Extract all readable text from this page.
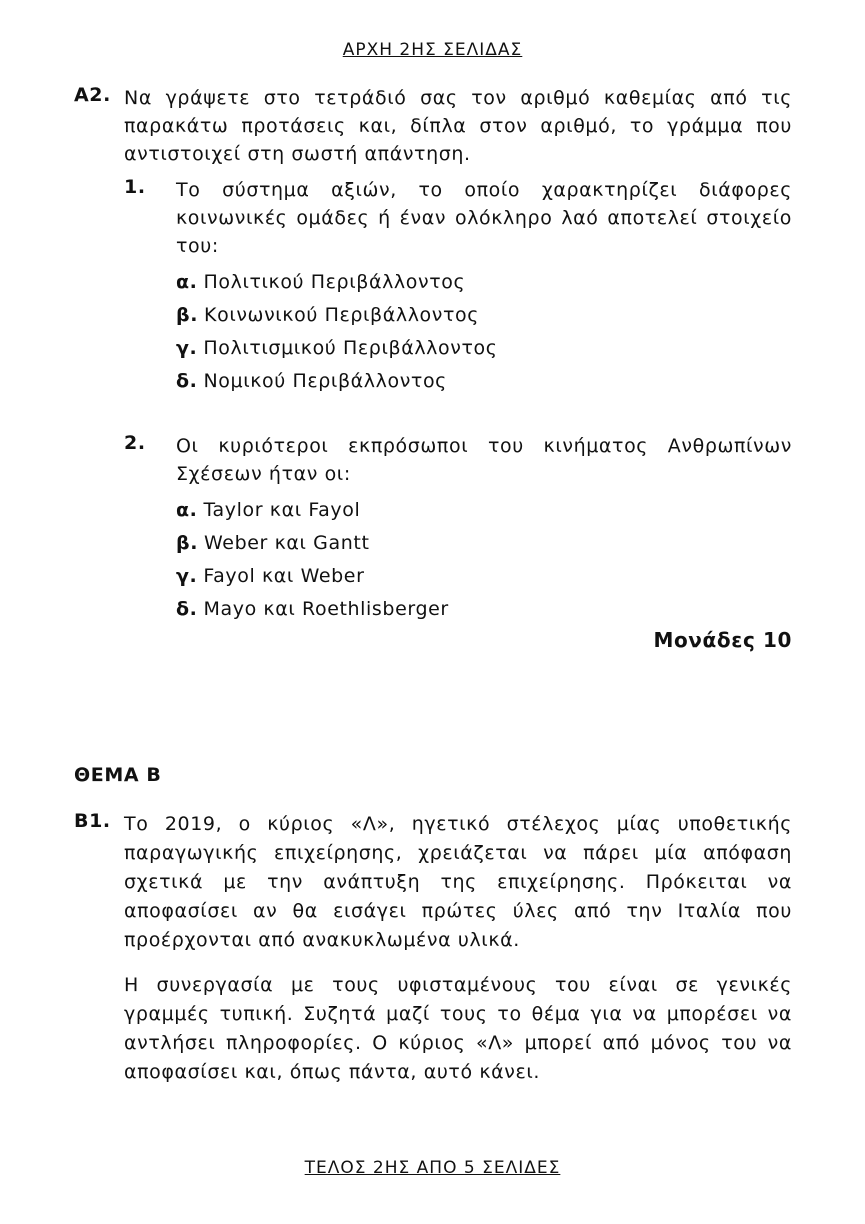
ΑΡΧΗ 2ΗΣ ΣΕΛΙΔΑΣ
Α2. Να γράψετε στο τετράδιό σας τον αριθμό καθεμίας από τις παρακάτω προτάσεις και, δίπλα στον αριθμό, το γράμμα που αντιστοιχεί στη σωστή απάντηση.
1. Το σύστημα αξιών, το οποίο χαρακτηρίζει διάφορες κοινωνικές ομάδες ή έναν ολόκληρο λαό αποτελεί στοιχείο του:
α. Πολιτικού Περιβάλλοντος
β. Κοινωνικού Περιβάλλοντος
γ. Πολιτισμικού Περιβάλλοντος
δ. Νομικού Περιβάλλοντος
2. Οι κυριότεροι εκπρόσωποι του κινήματος Ανθρωπίνων Σχέσεων ήταν οι:
α. Taylor και Fayol
β. Weber και Gantt
γ. Fayol και Weber
δ. Mayo και Roethlisberger
Μονάδες 10
ΘΕΜΑ Β
Β1. Το 2019, ο κύριος «Λ», ηγετικό στέλεχος μίας υποθετικής παραγωγικής επιχείρησης, χρειάζεται να πάρει μία απόφαση σχετικά με την ανάπτυξη της επιχείρησης. Πρόκειται να αποφασίσει αν θα εισάγει πρώτες ύλες από την Ιταλία που προέρχονται από ανακυκλωμένα υλικά.
Η συνεργασία με τους υφισταμένους του είναι σε γενικές γραμμές τυπική. Συζητά μαζί τους το θέμα για να μπορέσει να αντλήσει πληροφορίες. Ο κύριος «Λ» μπορεί από μόνος του να αποφασίσει και, όπως πάντα, αυτό κάνει.
ΤΕΛΟΣ 2ΗΣ ΑΠΟ 5 ΣΕΛΙΔΕΣ
